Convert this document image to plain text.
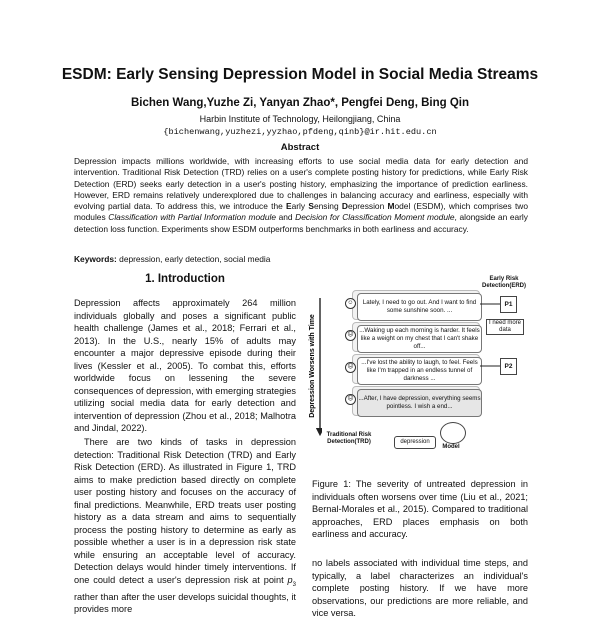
ESDM: Early Sensing Depression Model in Social Media Streams
Bichen Wang,Yuzhe Zi, Yanyan Zhao*, Pengfei Deng, Bing Qin
Harbin Institute of Technology, Heilongjiang, China
{bichenwang,yuzhezi,yyzhao,pfdeng,qinb}@ir.hit.edu.cn
Abstract
Depression impacts millions worldwide, with increasing efforts to use social media data for early detection and intervention. Traditional Risk Detection (TRD) relies on a user's complete posting history for predictions, while Early Risk Detection (ERD) seeks early detection in a user's posting history, emphasizing the importance of prediction earliness. However, ERD remains relatively underexplored due to challenges in balancing accuracy and earliness, especially with evolving partial data. To address this, we introduce the Early Sensing Depression Model (ESDM), which comprises two modules Classification with Partial Information module and Decision for Classification Moment module, alongside an early detection loss function. Experiments show ESDM outperforms benchmarks in both earliness and accuracy.
Keywords: depression, early detection, social media
1. Introduction

Depression affects approximately 264 million individuals globally and poses a significant public health challenge (James et al., 2018; Ferrari et al., 2013). In the U.S., nearly 15% of adults may encounter a major depressive episode during their lives (Kessler et al., 2005). To combat this, efforts worldwide focus on lessening the severe consequences of depression, with emerging strategies utilizing social media data for early detection and intervention of depression (Zhou et al., 2018; Malhotra and Jindal, 2022).

There are two kinds of tasks in depression detection: Traditional Risk Detection (TRD) and Early Risk Detection (ERD). As illustrated in Figure 1, TRD aims to make prediction based directly on complete user posting history and focuses on the accuracy of final predictions. Meanwhile, ERD treats user posting history as a data stream and aims to sequentially process the posting history to determine as early as possible whether a user is in a depression risk state while ensuring an acceptable level of accuracy. Detection delays would hinder timely interventions. If one could detect a user's depression risk at point $p_3$ rather than after the user develops suicidal thoughts, it provides more

Depression Worsens with Time
Early Risk Detection(ERD)
☺	Lately, I need to go out. And I want to find some sunshine soon. ...
☹
...Waking up each morning is harder. It feels like a weight on my chest that I can't shake off...
☹
...I've lost the ability to laugh, to feel. Feels like I'm trapped in an endless tunnel of darkness ...
☹ ...After, I have depression, everything seems pointless. I wish a end...
P1
I need more data
P2
depression
Traditional Risk Detection(TRD)
Model

Figure 1: The severity of untreated depression in individuals often worsens over time (Liu et al., 2021; Bernal-Morales et al., 2015). Compared to traditional approaches, ERD places emphasis on both earliness and accuracy.

no labels associated with individual time steps, and typically, a label characterizes an individual's complete posting history. If we have more observations, our predictions are more reliable, and vice versa.
